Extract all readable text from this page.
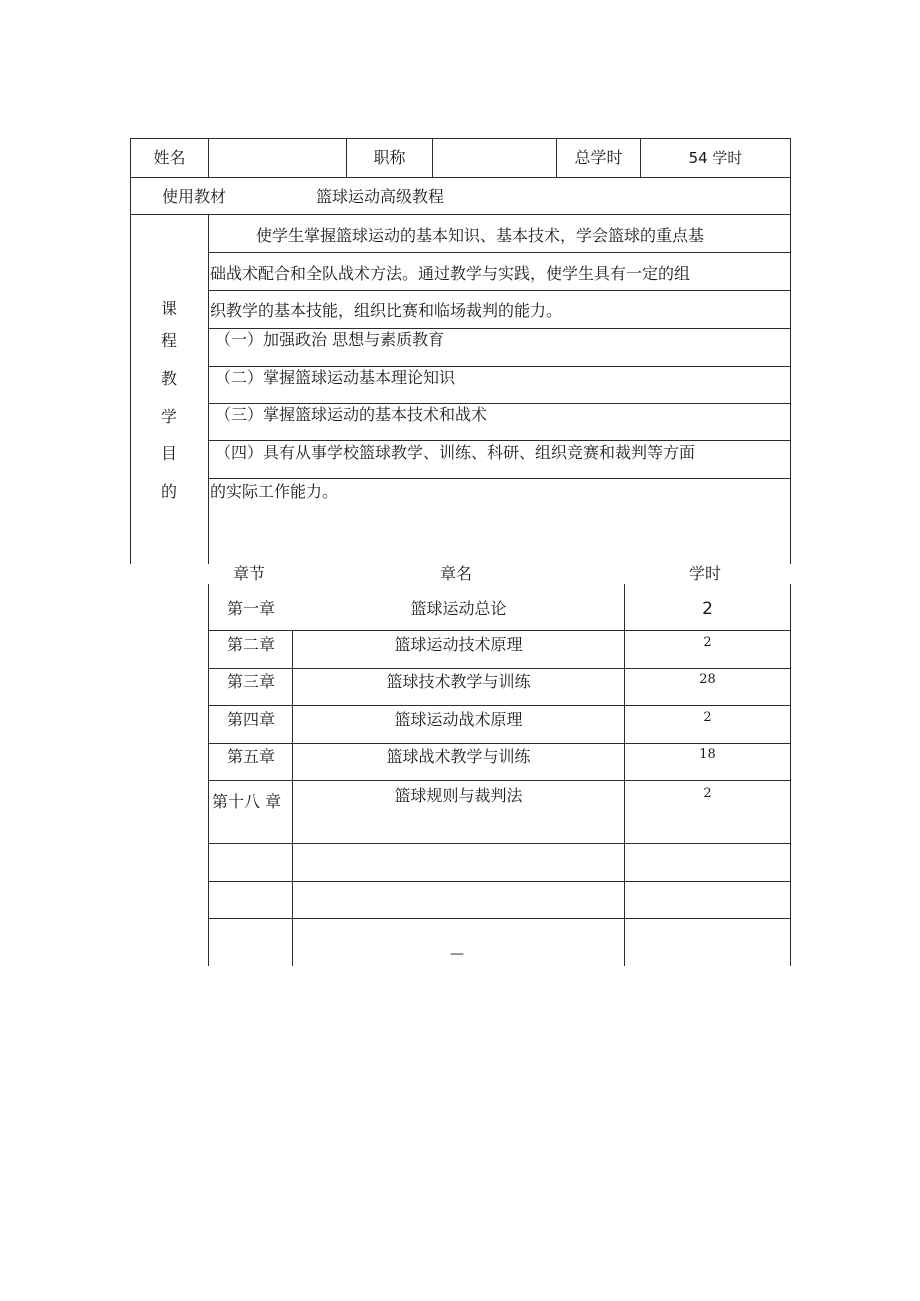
姓名	职称	总学时	54 学时
使用教材	篮球运动高级教程
课
程
教
学
目
的
使学生掌握篮球运动的基本知识、基本技术，学会篮球的重点基
础战术配合和全队战术方法。通过教学与实践，使学生具有一定的组
织教学的基本技能，组织比赛和临场裁判的能力。
（一）加强政治 思想与素质教育
（二）掌握篮球运动基本理论知识
（三）掌握篮球运动的基本技术和战术
（四）具有从事学校篮球教学、训练、科研、组织竞赛和裁判等方面
的实际工作能力。
章节	章名	学时
第一章	篮球运动总论	2
第二章	篮球运动技术原理	2
第三章	篮球技术教学与训练	28
第四章	篮球运动战术原理	2
第五章	篮球战术教学与训练	18
第十八 章	篮球规则与裁判法	2
—
